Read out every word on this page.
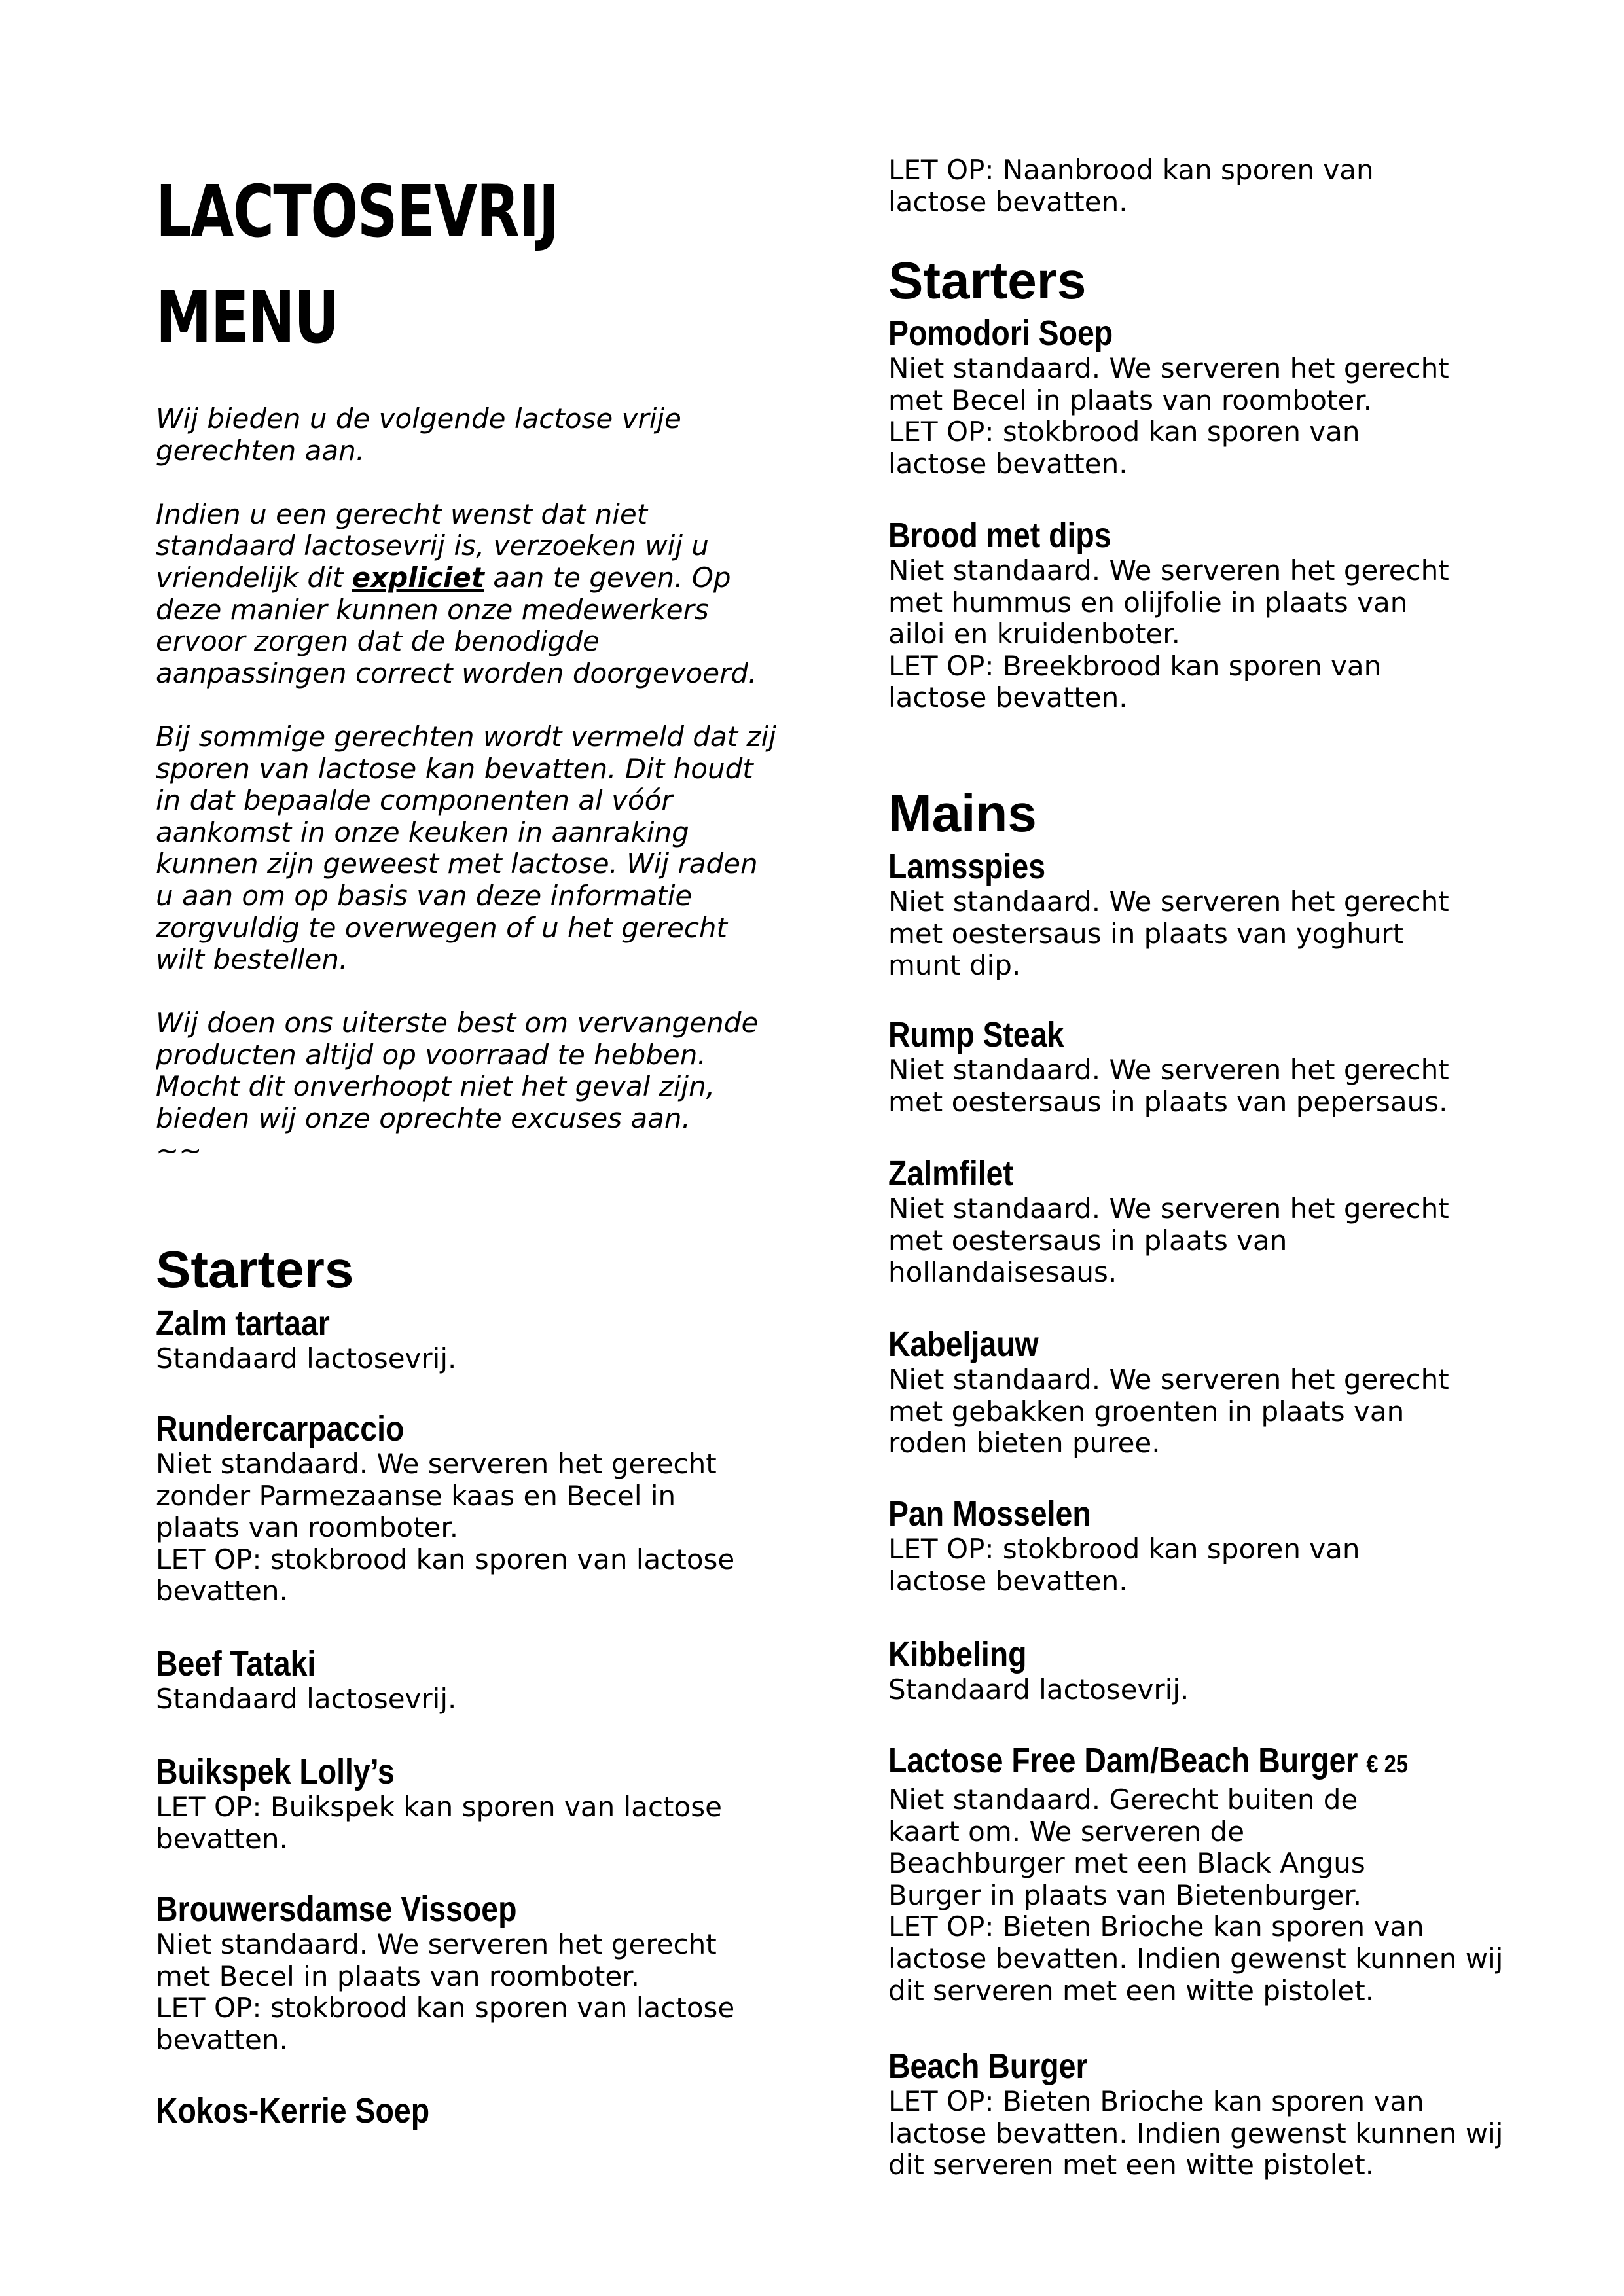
LACTOSEVRIJ
MENU

Wij bieden u de volgende lactose vrije
gerechten aan.

Indien u een gerecht wenst dat niet
standaard lactosevrij is, verzoeken wij u
vriendelijk dit expliciet aan te geven. Op
deze manier kunnen onze medewerkers
ervoor zorgen dat de benodigde
aanpassingen correct worden doorgevoerd.

Bij sommige gerechten wordt vermeld dat zij
sporen van lactose kan bevatten. Dit houdt
in dat bepaalde componenten al vóór
aankomst in onze keuken in aanraking
kunnen zijn geweest met lactose. Wij raden
u aan om op basis van deze informatie
zorgvuldig te overwegen of u het gerecht
wilt bestellen.

Wij doen ons uiterste best om vervangende
producten altijd op voorraad te hebben.
Mocht dit onverhoopt niet het geval zijn,
bieden wij onze oprechte excuses aan.
~~

Starters
Zalm tartaar
Standaard lactosevrij.
Rundercarpaccio
Niet standaard. We serveren het gerecht
zonder Parmezaanse kaas en Becel in
plaats van roomboter.
LET OP: stokbrood kan sporen van lactose
bevatten.
Beef Tataki
Standaard lactosevrij.
Buikspek Lolly’s
LET OP: Buikspek kan sporen van lactose
bevatten.
Brouwersdamse Vissoep
Niet standaard. We serveren het gerecht
met Becel in plaats van roomboter.
LET OP: stokbrood kan sporen van lactose
bevatten.
Kokos-Kerrie Soep
LET OP: Naanbrood kan sporen van
lactose bevatten.
Starters
Pomodori Soep
Niet standaard. We serveren het gerecht
met Becel in plaats van roomboter.
LET OP: stokbrood kan sporen van
lactose bevatten.
Brood met dips
Niet standaard. We serveren het gerecht
met hummus en olijfolie in plaats van
ailoi en kruidenboter.
LET OP: Breekbrood kan sporen van
lactose bevatten.
Mains
Lamsspies
Niet standaard. We serveren het gerecht
met oestersaus in plaats van yoghurt
munt dip.
Rump Steak
Niet standaard. We serveren het gerecht
met oestersaus in plaats van pepersaus.
Zalmfilet
Niet standaard. We serveren het gerecht
met oestersaus in plaats van
hollandaisesaus.
Kabeljauw
Niet standaard. We serveren het gerecht
met gebakken groenten in plaats van
roden bieten puree.
Pan Mosselen
LET OP: stokbrood kan sporen van
lactose bevatten.
Kibbeling
Standaard lactosevrij.
Lactose Free Dam/Beach Burger € 25
Niet standaard. Gerecht buiten de
kaart om. We serveren de
Beachburger met een Black Angus
Burger in plaats van Bietenburger.
LET OP: Bieten Brioche kan sporen van
lactose bevatten. Indien gewenst kunnen wij
dit serveren met een witte pistolet.
Beach Burger
LET OP: Bieten Brioche kan sporen van
lactose bevatten. Indien gewenst kunnen wij
dit serveren met een witte pistolet.
